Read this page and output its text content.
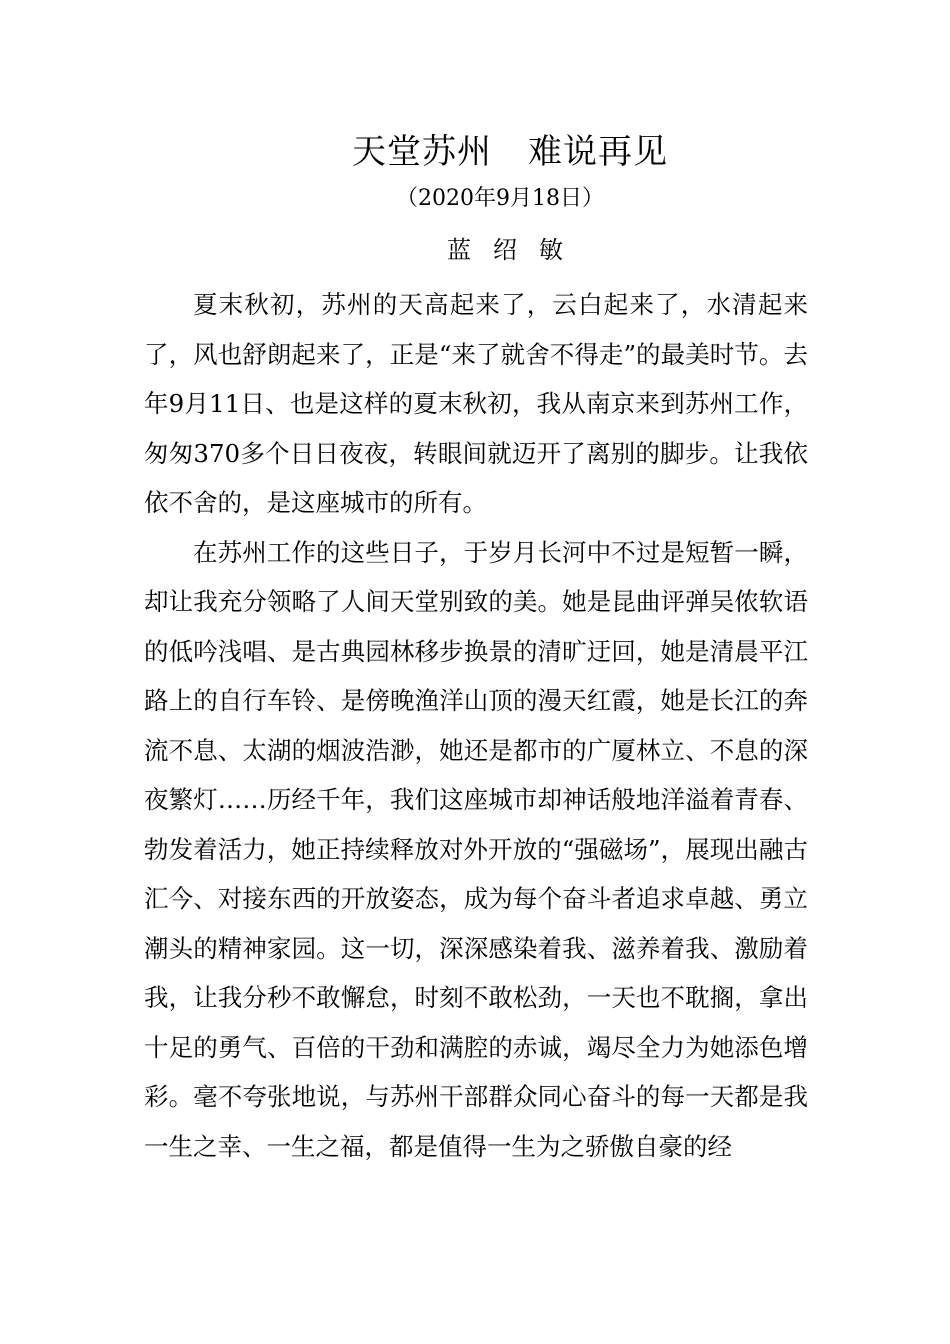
天堂苏州 难说再见
（2020年9月18日）
蓝 绍 敏

夏末秋初，苏州的天高起来了，云白起来了，水清起来了，风也舒朗起来了，正是“来了就舍不得走”的最美时节。去年9月11日、也是这样的夏末秋初，我从南京来到苏州工作，匆匆370多个日日夜夜，转眼间就迈开了离别的脚步。让我依依不舍的，是这座城市的所有。

在苏州工作的这些日子，于岁月长河中不过是短暂一瞬，却让我充分领略了人间天堂别致的美。她是昆曲评弹吴侬软语的低吟浅唱、是古典园林移步换景的清旷迂回，她是清晨平江路上的自行车铃、是傍晚渔洋山顶的漫天红霞，她是长江的奔流不息、太湖的烟波浩渺，她还是都市的广厦林立、不息的深夜繁灯……历经千年，我们这座城市却神话般地洋溢着青春、勃发着活力，她正持续释放对外开放的“强磁场”，展现出融古汇今、对接东西的开放姿态，成为每个奋斗者追求卓越、勇立潮头的精神家园。这一切，深深感染着我、滋养着我、激励着我，让我分秒不敢懈怠，时刻不敢松劲，一天也不耽搁，拿出十足的勇气、百倍的干劲和满腔的赤诚，竭尽全力为她添色增彩。毫不夸张地说，与苏州干部群众同心奋斗的每一天都是我一生之幸、一生之福，都是值得一生为之骄傲自豪的经
